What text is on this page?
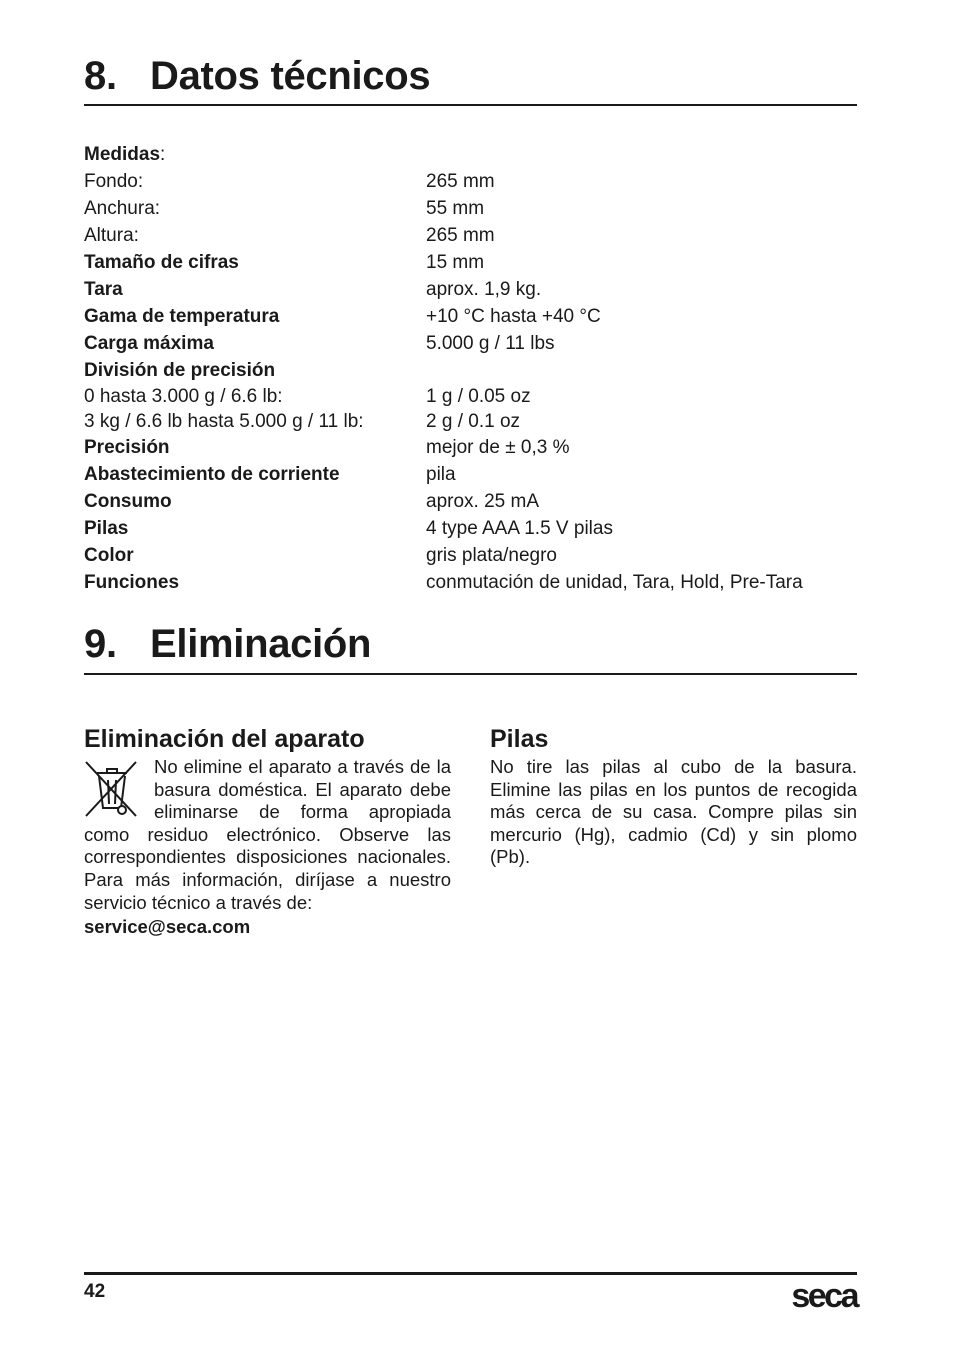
8. Datos técnicos
Medidas :
Fondo:	265 mm
Anchura:	55 mm
Altura:	265 mm
Tamaño de cifras	15 mm
Tara	aprox. 1,9 kg.
Gama de temperatura	+10 °C hasta +40 °C
Carga máxima	5.000 g / 11 lbs
División de precisión
0 hasta 3.000 g / 6.6 lb:	1 g / 0.05 oz
3 kg / 6.6 lb hasta 5.000 g / 11 lb:	2 g / 0.1 oz
Precisión	mejor de ± 0,3 %
Abastecimiento de corriente	pila
Consumo	aprox. 25 mA
Pilas	4 type AAA 1.5 V pilas
Color	gris plata/negro
Funciones	conmutación de unidad, Tara, Hold, Pre-Tara
9. Eliminación
Eliminación del aparato

No elimine el aparato a través de la basura doméstica. El aparato debe eliminarse de forma apropiada como residuo electrónico. Observe las correspondientes disposiciones nacionales. Para más información, diríjase a nuestro servicio técnico a través de:

service@seca.com
Pilas

No tire las pilas al cubo de la basura. Elimine las pilas en los puntos de recogida más cerca de su casa. Compre pilas sin mercurio (Hg), cadmio (Cd) y sin plomo (Pb).

42	seca
